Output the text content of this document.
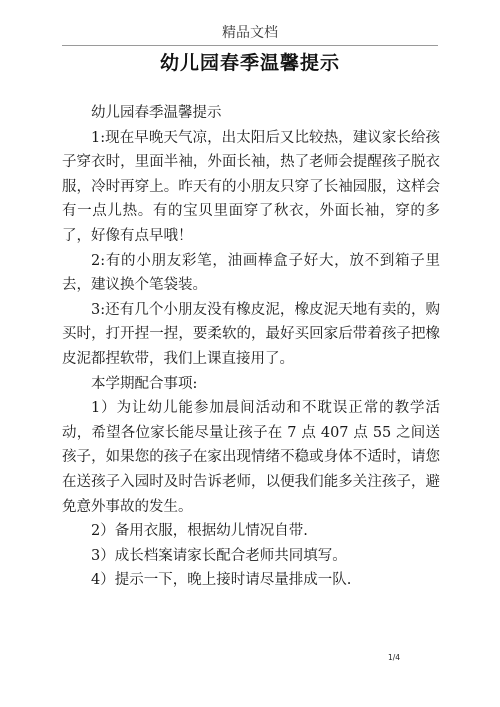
精品文档
幼儿园春季温馨提示

幼儿园春季温馨提示

1:现在早晚天气凉，出太阳后又比较热，建议家长给孩子穿衣时，里面半袖，外面长袖，热了老师会提醒孩子脱衣服，冷时再穿上。昨天有的小朋友只穿了长袖园服，这样会有一点儿热。有的宝贝里面穿了秋衣，外面长袖，穿的多了，好像有点早哦！

2:有的小朋友彩笔，油画棒盒子好大，放不到箱子里去，建议换个笔袋装。

3:还有几个小朋友没有橡皮泥，橡皮泥天地有卖的，购买时，打开捏一捏，要柔软的，最好买回家后带着孩子把橡皮泥都捏软带，我们上课直接用了。

本学期配合事项:

1）为让幼儿能参加晨间活动和不耽误正常的教学活动，希望各位家长能尽量让孩子在 7 点 407 点 55 之间送孩子，如果您的孩子在家出现情绪不稳或身体不适时，请您在送孩子入园时及时告诉老师，以便我们能多关注孩子，避免意外事故的发生。

2）备用衣服，根据幼儿情况自带.

3）成长档案请家长配合老师共同填写。

4）提示一下，晚上接时请尽量排成一队.

1/4
